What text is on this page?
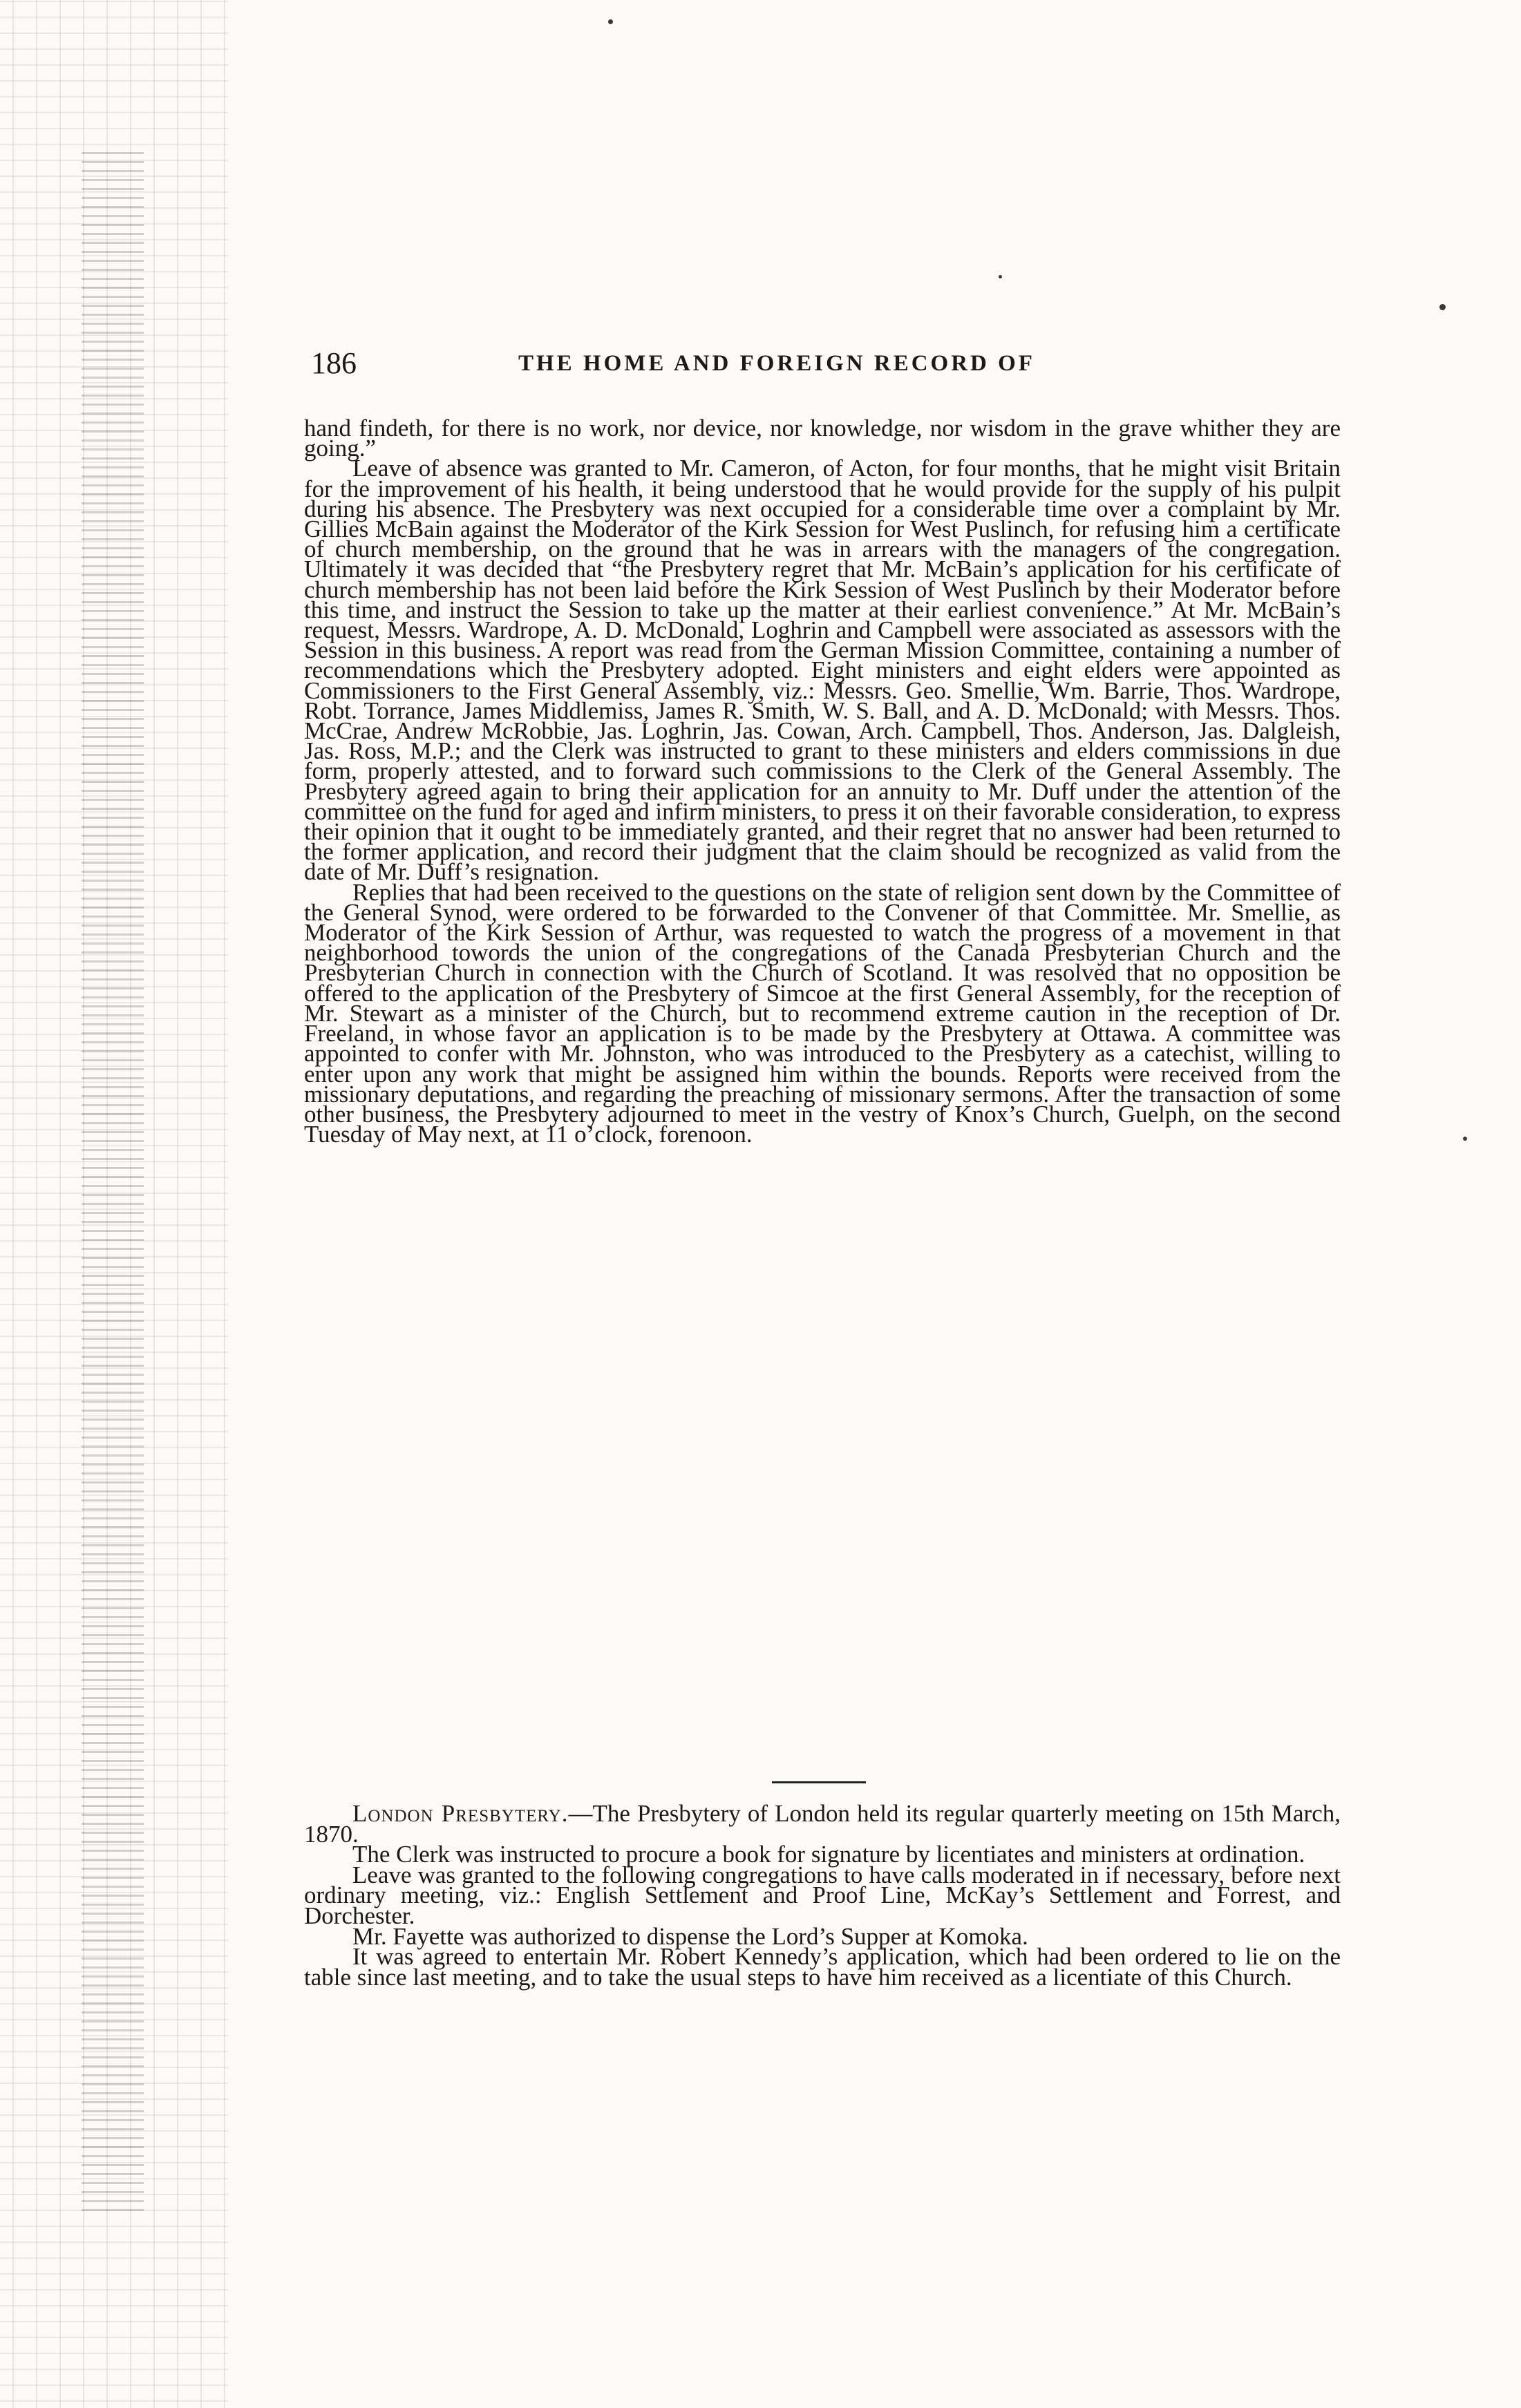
186	THE HOME AND FOREIGN RECORD OF

hand findeth, for there is no work, nor device, nor knowledge, nor wisdom in the grave whither they are going.”

Leave of absence was granted to Mr. Cameron, of Acton, for four months, that he might visit Britain for the improvement of his health, it being understood that he would provide for the supply of his pulpit during his absence. The Presbytery was next occupied for a considerable time over a complaint by Mr. Gillies McBain against the Moderator of the Kirk Session for West Puslinch, for refusing him a certificate of church membership, on the ground that he was in arrears with the managers of the congregation. Ultimately it was decided that “the Presbytery regret that Mr. McBain’s application for his certificate of church membership has not been laid before the Kirk Session of West Puslinch by their Moderator before this time, and instruct the Session to take up the matter at their earliest convenience.” At Mr. McBain’s request, Messrs. Wardrope, A. D. McDonald, Loghrin and Campbell were associated as assessors with the Session in this business. A report was read from the German Mission Committee, containing a number of recommendations which the Presbytery adopted. Eight ministers and eight elders were appointed as Commissioners to the First General Assembly, viz.: Messrs. Geo. Smellie, Wm. Barrie, Thos. Wardrope, Robt. Torrance, James Middlemiss, James R. Smith, W. S. Ball, and A. D. McDonald; with Messrs. Thos. McCrae, Andrew McRobbie, Jas. Loghrin, Jas. Cowan, Arch. Campbell, Thos. Anderson, Jas. Dalgleish, Jas. Ross, M.P.; and the Clerk was instructed to grant to these ministers and elders commissions in due form, properly attested, and to forward such commissions to the Clerk of the General Assembly. The Presbytery agreed again to bring their application for an annuity to Mr. Duff under the attention of the committee on the fund for aged and infirm ministers, to press it on their favorable consideration, to express their opinion that it ought to be immediately granted, and their regret that no answer had been returned to the former application, and record their judgment that the claim should be recognized as valid from the date of Mr. Duff’s resignation.

Replies that had been received to the questions on the state of religion sent down by the Committee of the General Synod, were ordered to be forwarded to the Convener of that Committee. Mr. Smellie, as Moderator of the Kirk Session of Arthur, was requested to watch the progress of a movement in that neighborhood towords the union of the congregations of the Canada Presbyterian Church and the Presbyterian Church in connection with the Church of Scotland. It was resolved that no opposition be offered to the application of the Presbytery of Simcoe at the first General Assembly, for the reception of Mr. Stewart as a minister of the Church, but to recommend extreme caution in the reception of Dr. Freeland, in whose favor an application is to be made by the Presbytery at Ottawa. A committee was appointed to confer with Mr. Johnston, who was introduced to the Presbytery as a catechist, willing to enter upon any work that might be assigned him within the bounds. Reports were received from the missionary deputations, and regarding the preaching of missionary sermons. After the transaction of some other business, the Presbytery adjourned to meet in the vestry of Knox’s Church, Guelph, on the second Tuesday of May next, at 11 o’clock, forenoon.

London Presbytery.—The Presbytery of London held its regular quarterly meeting on 15th March, 1870.

The Clerk was instructed to procure a book for signature by licentiates and ministers at ordination.

Leave was granted to the following congregations to have calls moderated in if necessary, before next ordinary meeting, viz.: English Settlement and Proof Line, McKay’s Settlement and Forrest, and Dorchester.

Mr. Fayette was authorized to dispense the Lord’s Supper at Komoka.

It was agreed to entertain Mr. Robert Kennedy’s application, which had been ordered to lie on the table since last meeting, and to take the usual steps to have him received as a licentiate of this Church.
